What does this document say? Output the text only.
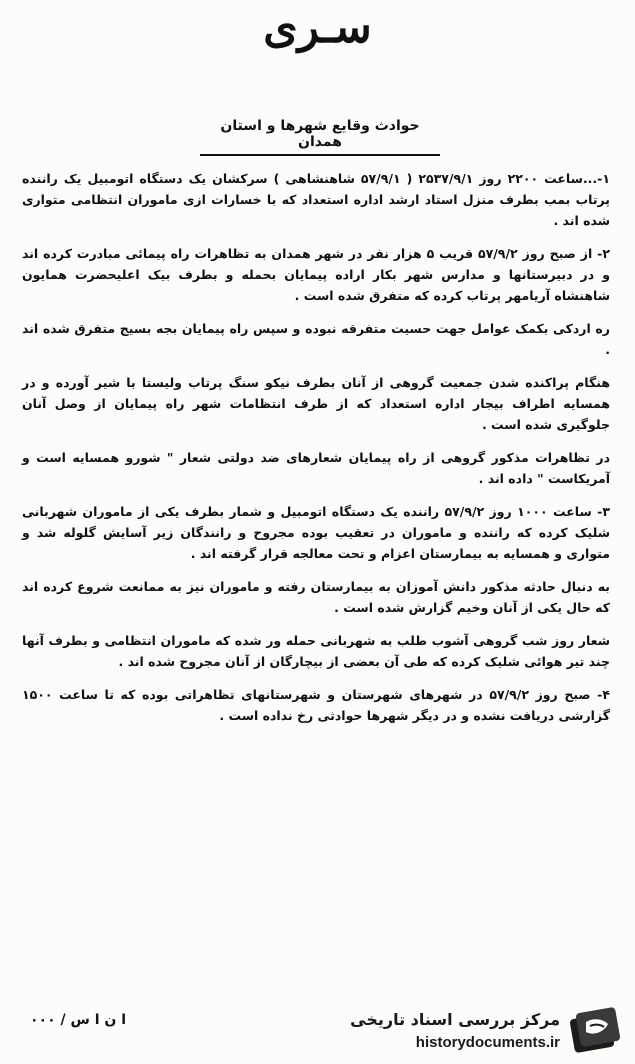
سـری
حوادث وقایع شهرها و استان همدان

۱-...ساعت ۲۲۰۰ روز ۲۵۳۷/۹/۱ ( ۵۷/۹/۱ شاهنشاهی ) سرکشان یک دستگاه اتومبیل یک راننده پرتاب بمب بطرف منزل استاد ارشد اداره استعداد که با خسارات ازی ماموران انتظامی متواری شده اند .

۲- از صبح روز ۵۷/۹/۲ قریب ۵ هزار نفر در شهر همدان به تظاهرات راه پیمائی مبادرت کرده اند و در دبیرستانها و مدارس شهر بکار اراده پیمایان بحمله و بطرف بیک اعلیحضرت همایون شاهنشاه آریامهر پرتاب کرده که متفرق شده است .

ره اردکی بکمک عوامل جهت حسیت متفرقه نبوده و سپس راه پیمایان بجه بسیج متفرق شده اند .

هنگام پراکنده شدن جمعیت گروهی از آنان بطرف نیکو سنگ پرتاب ولیستا با شیر آورده و در همسایه اطراف بیجار اداره استعداد که از طرف انتظامات شهر راه پیمایان از وصل آنان جلوگیری شده است .

در تظاهرات مذکور گروهی از راه پیمایان شعارهای ضد دولتی شعار " شورو همسایه است و آمریکاست " داده اند .

۳- ساعت ۱۰۰۰ روز ۵۷/۹/۲ راننده یک دستگاه اتومبیل و شمار بطرف یکی از ماموران شهربانی شلیک کرده که راننده و ماموران در تعقیب بوده مجروح و رانندگان زیر آسایش گلوله شد و متواری و همسایه به بیمارستان اعزام و تحت معالجه قرار گرفته اند .

به دنبال حادثه مذکور دانش آموزان به بیمارستان رفته و ماموران نیز به ممانعت شروع کرده اند که حال یکی از آنان وخیم گزارش شده است .

شعار روز شب گروهی آشوب طلب به شهربانی حمله ور شده که ماموران انتظامی و بطرف آنها چند تیر هوائی شلیک کرده که طی آن بعضی از بیچارگان از آنان مجروح شده اند .

۴- صبح روز ۵۷/۹/۲ در شهرهای شهرستان و شهرستانهای تظاهراتی بوده که تا ساعت ۱۵۰۰ گزارشی دریافت نشده و در دیگر شهرها حوادثی رخ نداده است .

ا ن ا س / ۰۰۰	مرکز بررسی اسناد تاریخی
historydocuments.ir
